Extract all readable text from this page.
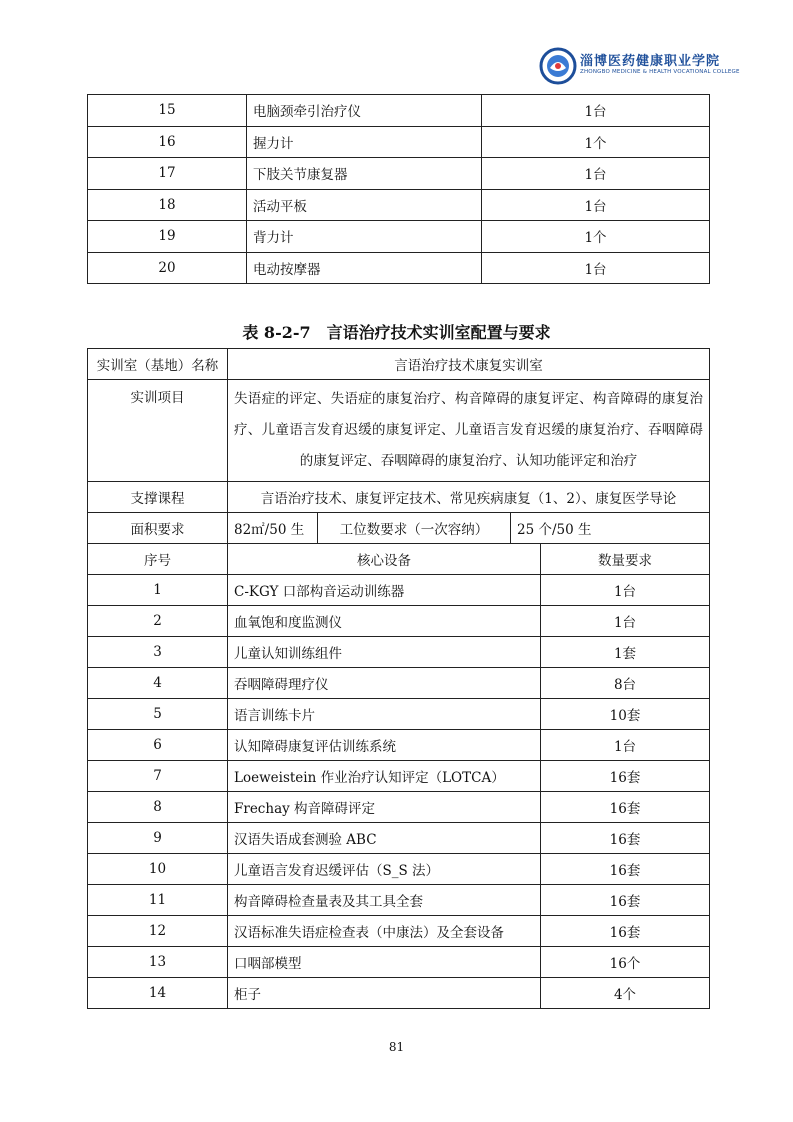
淄博医药健康职业学院
ZHONGBO MEDICINE & HEALTH VOCATIONAL COLLEGE
15	电脑颈牵引治疗仪	1台
16	握力计	1个
17	下肢关节康复器	1台
18	活动平板	1台
19	背力计	1个
20	电动按摩器	1台
表 8-2-7　言语治疗技术实训室配置与要求
实训室（基地）名称	言语治疗技术康复实训室			
实训项目	失语症的评定、失语症的康复治疗、构音障碍的康复评定、构音障碍的康复治疗、儿童语言发育迟缓的康复评定、儿童语言发育迟缓的康复治疗、吞咽障碍的康复评定、吞咽障碍的康复治疗、认知功能评定和治疗			
支撑课程	言语治疗技术、康复评定技术、常见疾病康复（1、2）、康复医学导论			
面积要求	82㎡/50 生	工位数要求（一次容纳）	25 个/50 生	
序号	核心设备			数量要求
1	C-KGY 口部构音运动训练器			1台
2	血氧饱和度监测仪			1台
3	儿童认知训练组件			1套
4	吞咽障碍理疗仪			8台
5	语言训练卡片			10套
6	认知障碍康复评估训练系统			1台
7	Loeweistein 作业治疗认知评定（LOTCA）			16套
8	Frechay 构音障碍评定			16套
9	汉语失语成套测验 ABC			16套
10	儿童语言发育迟缓评估（S_S 法）			16套
11	构音障碍检查量表及其工具全套			16套
12	汉语标准失语症检查表（中康法）及全套设备			16套
13	口咽部模型			16个
14	柜子			4个
81
